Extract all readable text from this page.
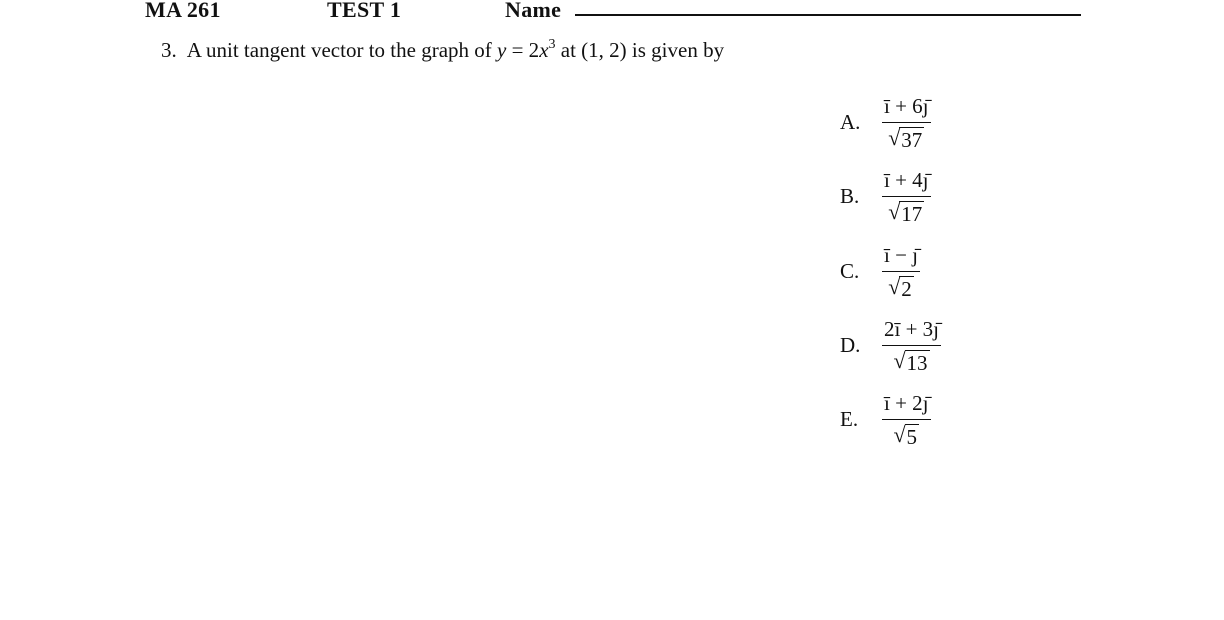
MA 261	TEST 1	Name
3. A unit tangent vector to the graph of $y = 2x^3$ at (1, 2) is given by
A.
ī + 6ȷ̄
√ 37
B.
ī + 4ȷ̄
√ 17
C.
ī − ȷ̄
√ 2
D.
2ī + 3ȷ̄
√ 13
E.
ī + 2ȷ̄
√ 5
